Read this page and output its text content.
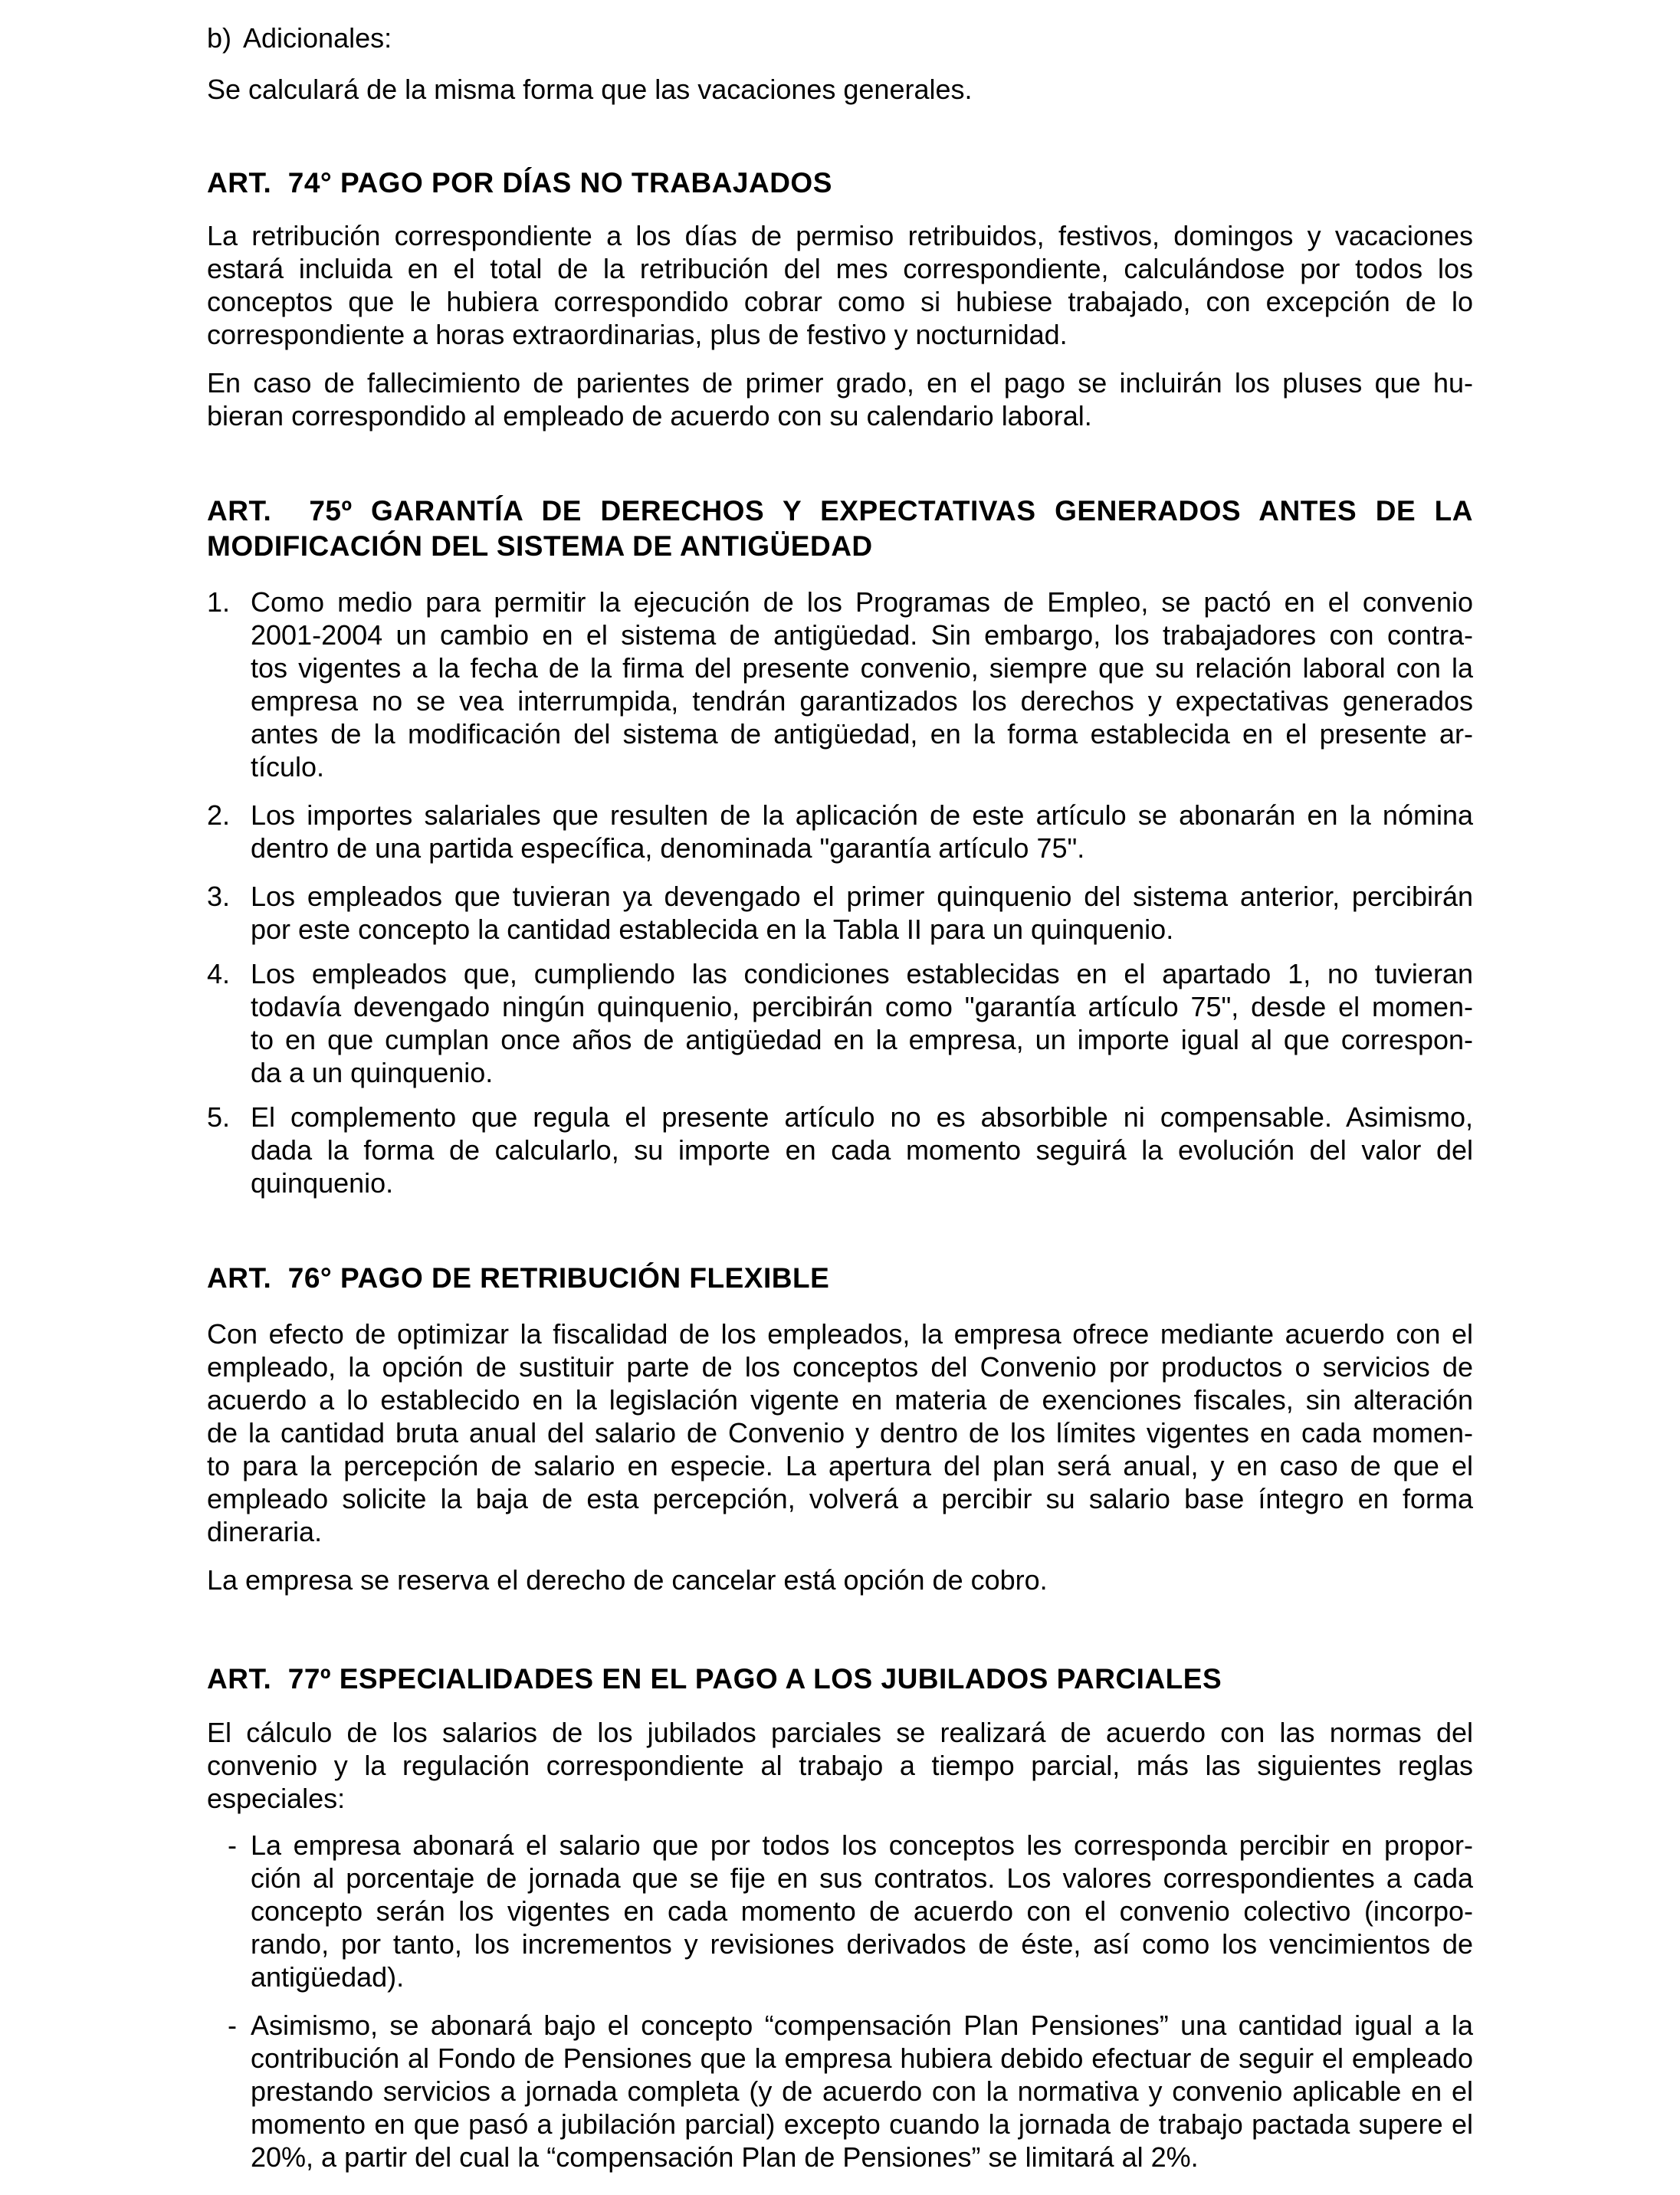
b) Adicionales:
Se calculará de la misma forma que las vacaciones generales.
ART.  74° PAGO POR DÍAS NO TRABAJADOS
La retribución correspondiente a los días de permiso retribuidos, festivos, domingos y vacaciones
estará incluida en el total de la retribución del mes correspondiente, calculándose por todos los
conceptos que le hubiera correspondido cobrar como si hubiese trabajado, con excepción de lo
correspondiente a horas extraordinarias, plus de festivo y nocturnidad.
En caso de fallecimiento de parientes de primer grado, en el pago se incluirán los pluses que hu-
bieran correspondido al empleado de acuerdo con su calendario laboral.
ART.  75º GARANTÍA DE DERECHOS Y EXPECTATIVAS GENERADOS ANTES DE LA
MODIFICACIÓN DEL SISTEMA DE ANTIGÜEDAD
1. Como medio para permitir la ejecución de los Programas de Empleo, se pactó en el convenio
2001-2004 un cambio en el sistema de antigüedad. Sin embargo, los trabajadores con contra-
tos vigentes a la fecha de la firma del presente convenio, siempre que su relación laboral con la
empresa no se vea interrumpida, tendrán garantizados los derechos y expectativas generados
antes de la modificación del sistema de antigüedad, en la forma establecida en el presente ar-
tículo.
2. Los importes salariales que resulten de la aplicación de este artículo se abonarán en la nómina
dentro de una partida específica, denominada "garantía artículo 75".
3. Los empleados que tuvieran ya devengado el primer quinquenio del sistema anterior, percibirán
por este concepto la cantidad establecida en la Tabla II para un quinquenio.
4. Los empleados que, cumpliendo las condiciones establecidas en el apartado 1, no tuvieran
todavía devengado ningún quinquenio, percibirán como "garantía artículo 75", desde el momen-
to en que cumplan once años de antigüedad en la empresa, un importe igual al que correspon-
da a un quinquenio.
5. El complemento que regula el presente artículo no es absorbible ni compensable. Asimismo,
dada la forma de calcularlo, su importe en cada momento seguirá la evolución del valor del
quinquenio.
ART.  76° PAGO DE RETRIBUCIÓN FLEXIBLE
Con efecto de optimizar la fiscalidad de los empleados, la empresa ofrece mediante acuerdo con el
empleado, la opción de sustituir parte de los conceptos del Convenio por productos o servicios de
acuerdo a lo establecido en la legislación vigente en materia de exenciones fiscales, sin alteración
de la cantidad bruta anual del salario de Convenio y dentro de los límites vigentes en cada momen-
to para la percepción de salario en especie. La apertura del plan será anual, y en caso de que el
empleado solicite la baja de esta percepción, volverá a percibir su salario base íntegro en forma
dineraria.
La empresa se reserva el derecho de cancelar está opción de cobro.
ART.  77º ESPECIALIDADES EN EL PAGO A LOS JUBILADOS PARCIALES
El cálculo de los salarios de los jubilados parciales se realizará de acuerdo con las normas del
convenio y la regulación correspondiente al trabajo a tiempo parcial, más las siguientes reglas
especiales:
- La empresa abonará el salario que por todos los conceptos les corresponda percibir en propor-
ción al porcentaje de jornada que se fije en sus contratos. Los valores correspondientes a cada
concepto serán los vigentes en cada momento de acuerdo con el convenio colectivo (incorpo-
rando, por tanto, los incrementos y revisiones derivados de éste, así como los vencimientos de
antigüedad).
- Asimismo, se abonará bajo el concepto “compensación Plan Pensiones” una cantidad igual a la
contribución al Fondo de Pensiones que la empresa hubiera debido efectuar de seguir el empleado
prestando servicios a jornada completa (y de acuerdo con la normativa y convenio aplicable en el
momento en que pasó a jubilación parcial) excepto cuando la jornada de trabajo pactada supere el
20%, a partir del cual la “compensación Plan de Pensiones” se limitará al 2%.
